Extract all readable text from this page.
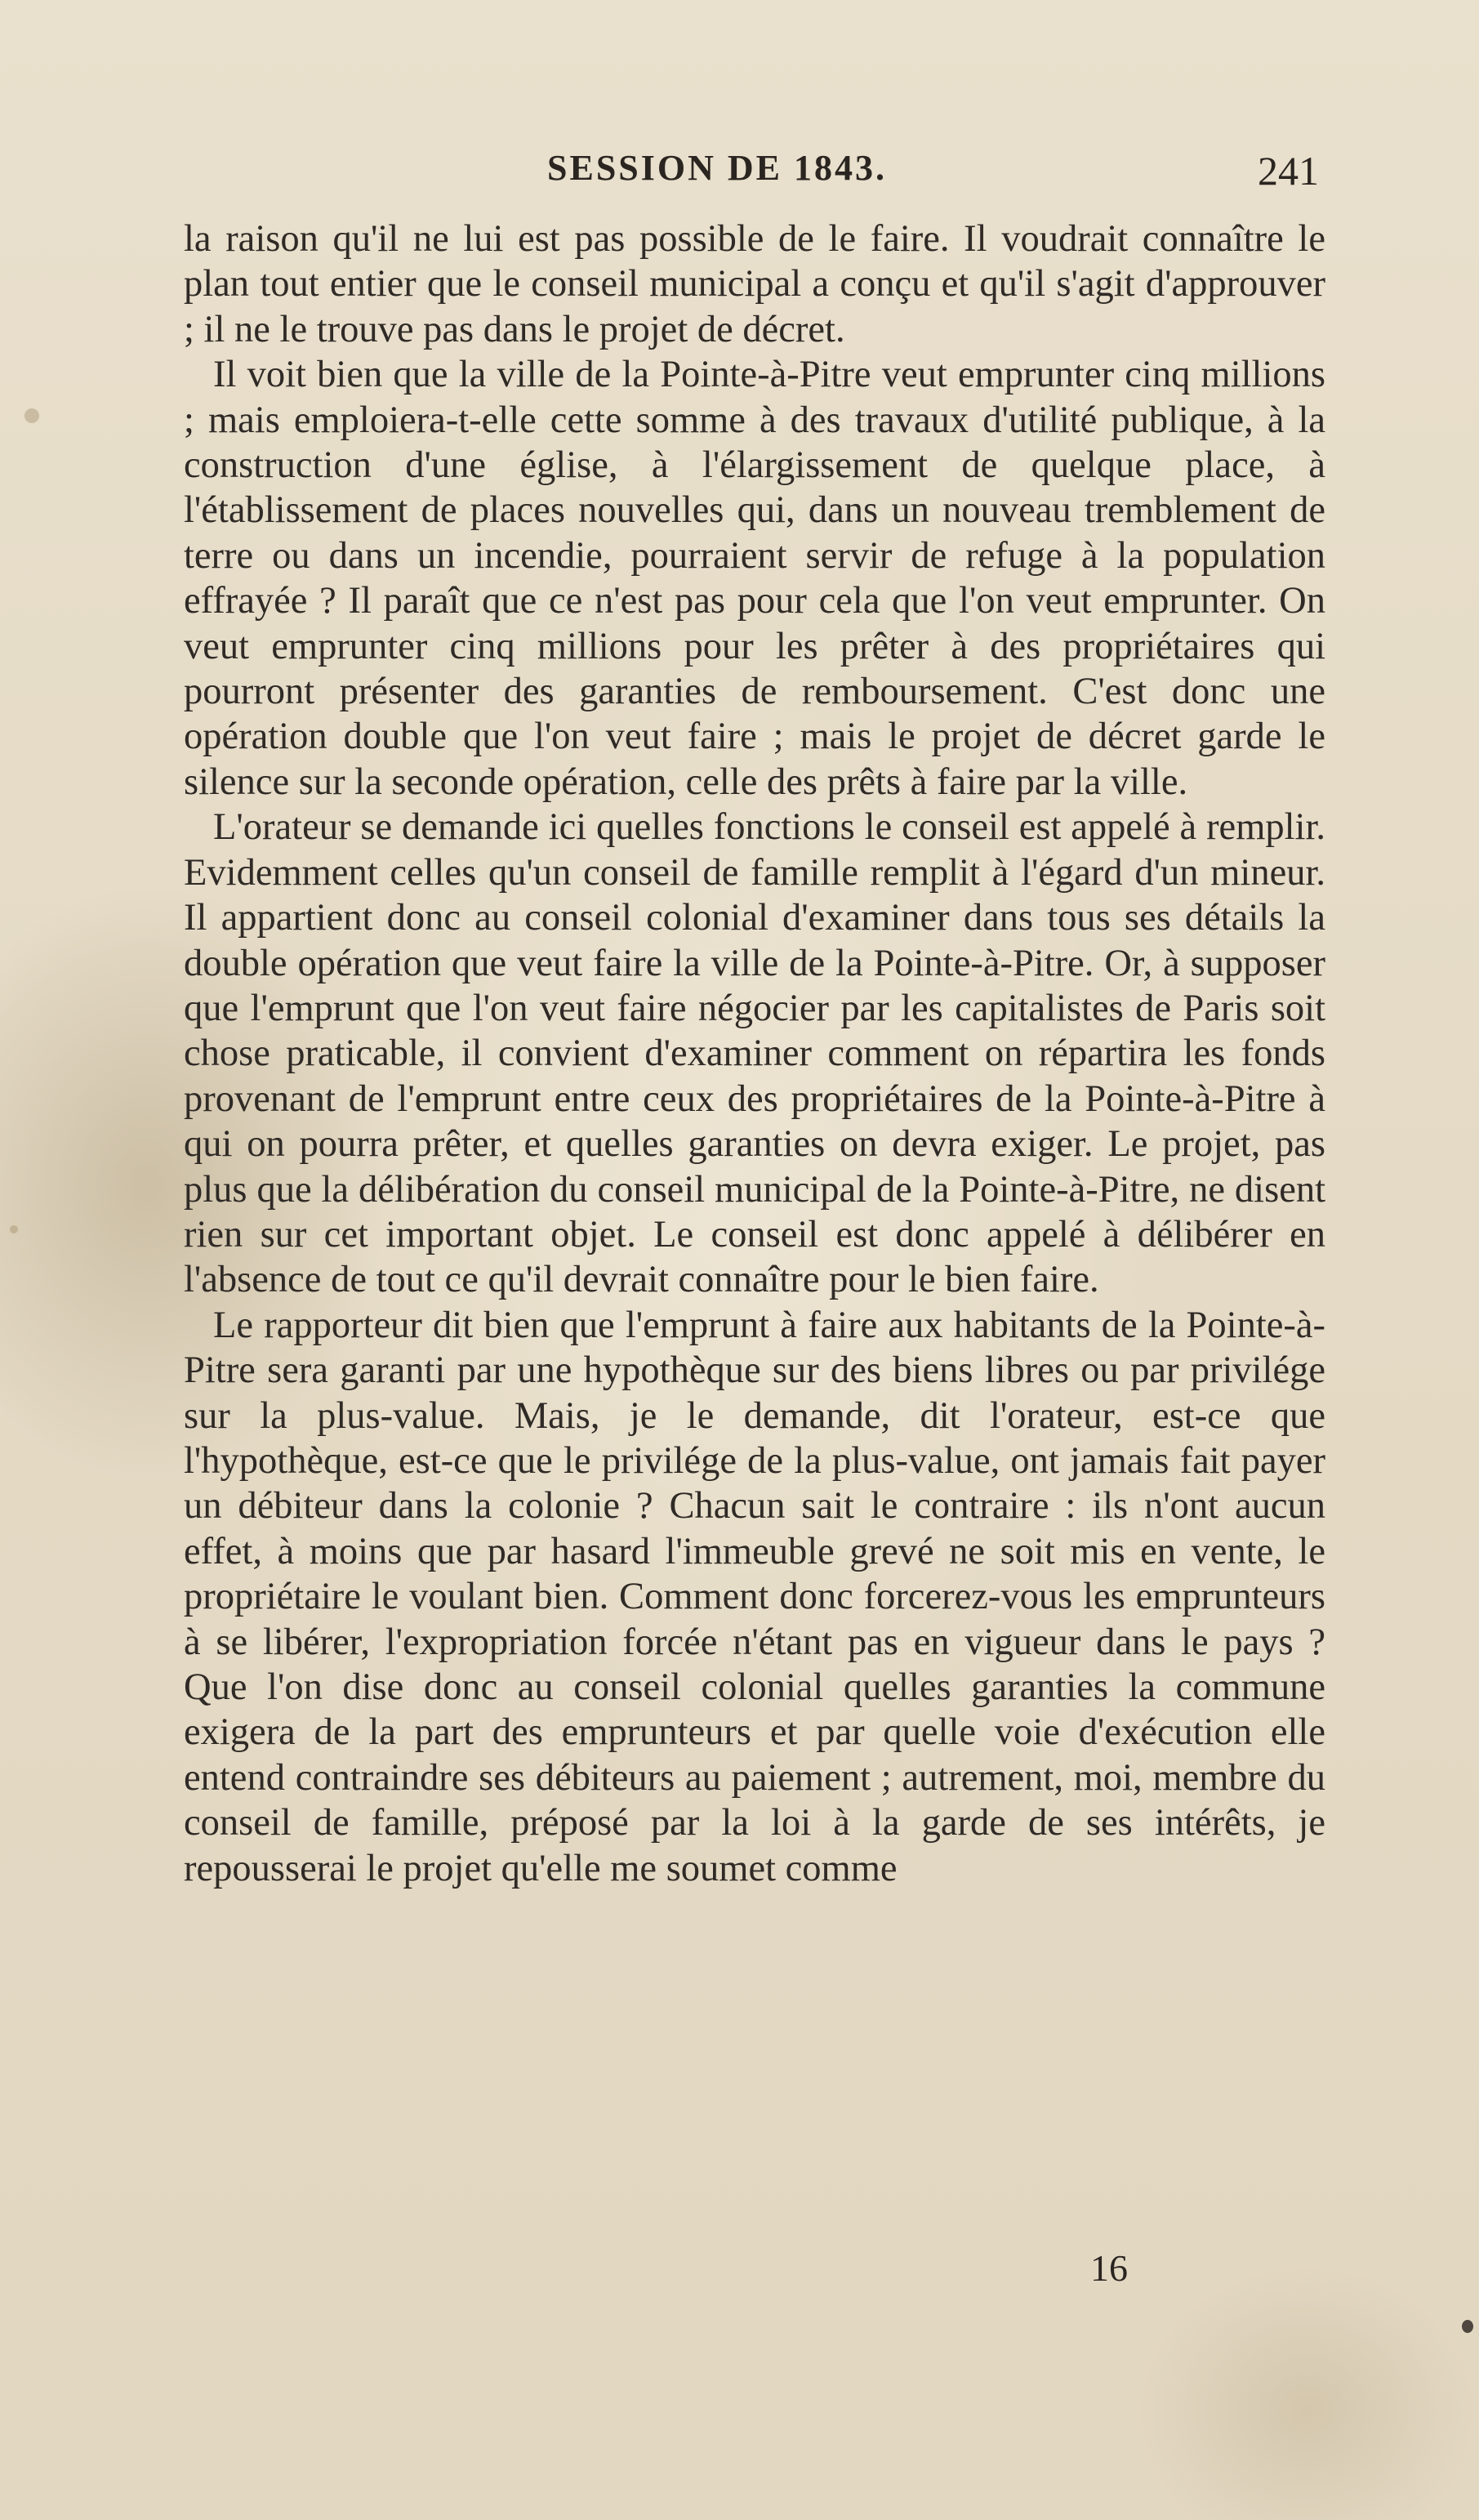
SESSION DE 1843.	241

la raison qu'il ne lui est pas possible de le faire. Il voudrait connaître le plan tout entier que le conseil municipal a conçu et qu'il s'agit d'approuver ; il ne le trouve pas dans le projet de décret.

Il voit bien que la ville de la Pointe-à-Pitre veut emprunter cinq millions ; mais emploiera-t-elle cette somme à des travaux d'utilité publique, à la construction d'une église, à l'élargissement de quelque place, à l'établissement de places nouvelles qui, dans un nouveau tremblement de terre ou dans un incendie, pourraient servir de refuge à la population effrayée ? Il paraît que ce n'est pas pour cela que l'on veut emprunter. On veut emprunter cinq millions pour les prêter à des propriétaires qui pourront présenter des garanties de remboursement. C'est donc une opération double que l'on veut faire ; mais le projet de décret garde le silence sur la seconde opération, celle des prêts à faire par la ville.

L'orateur se demande ici quelles fonctions le conseil est appelé à remplir. Evidemment celles qu'un conseil de famille remplit à l'égard d'un mineur. Il appartient donc au conseil colonial d'examiner dans tous ses détails la double opération que veut faire la ville de la Pointe-à-Pitre. Or, à supposer que l'emprunt que l'on veut faire négocier par les capitalistes de Paris soit chose praticable, il convient d'examiner comment on répartira les fonds provenant de l'emprunt entre ceux des propriétaires de la Pointe-à-Pitre à qui on pourra prêter, et quelles garanties on devra exiger. Le projet, pas plus que la délibération du conseil municipal de la Pointe-à-Pitre, ne disent rien sur cet important objet. Le conseil est donc appelé à délibérer en l'absence de tout ce qu'il devrait connaître pour le bien faire.

Le rapporteur dit bien que l'emprunt à faire aux habitants de la Pointe-à-Pitre sera garanti par une hypothèque sur des biens libres ou par privilége sur la plus-value. Mais, je le demande, dit l'orateur, est-ce que l'hypothèque, est-ce que le privilége de la plus-value, ont jamais fait payer un débiteur dans la colonie ? Chacun sait le contraire : ils n'ont aucun effet, à moins que par hasard l'immeuble grevé ne soit mis en vente, le propriétaire le voulant bien. Comment donc forcerez-vous les emprunteurs à se libérer, l'expropriation forcée n'étant pas en vigueur dans le pays ? Que l'on dise donc au conseil colonial quelles garanties la commune exigera de la part des emprunteurs et par quelle voie d'exécution elle entend contraindre ses débiteurs au paiement ; autrement, moi, membre du conseil de famille, préposé par la loi à la garde de ses intérêts, je repousserai le projet qu'elle me soumet comme

16
